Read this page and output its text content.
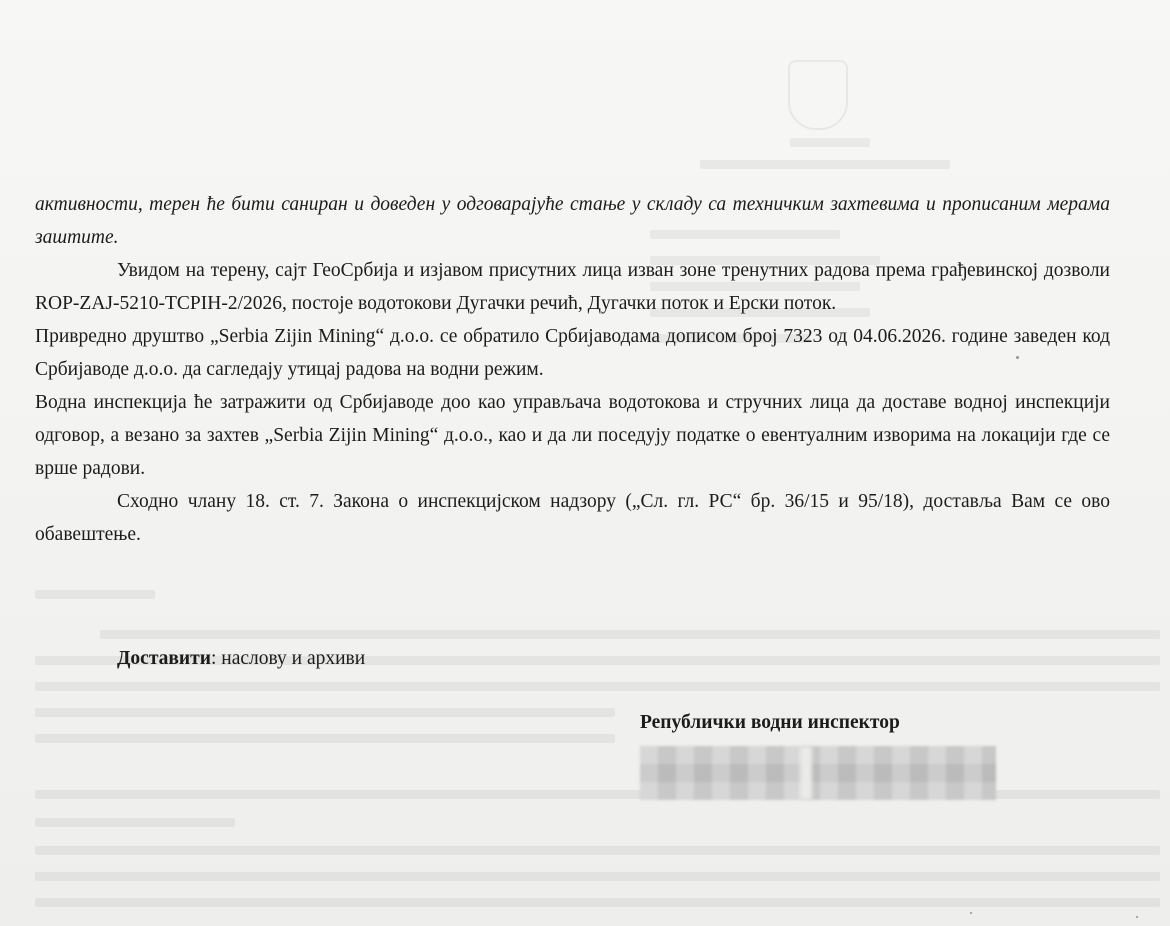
активности, терен ће бити саниран и доведен у одговарајуће стање у складу са техничким захтевима и прописаним мерама заштите.

Увидом на терену, сајт ГеоСрбија и изјавом присутних лица изван зоне тренутних радова према грађевинској дозволи ROP-ZAJ-5210-TCPIH-2/2026, постоје водотокови Дугачки речић, Дугачки поток и Ерски поток.

Привредно друштво „Serbia Zijin Mining“ д.о.о. се обратило Србијаводама дописом број 7323 од 04.06.2026. године заведен код Србијаводе д.о.о. да сагледају утицај радова на водни режим.

Водна инспекција ће затражити од Србијаводе доо као управљача водотокова и стручних лица да доставе водној инспекцији одговор, а везано за захтев „Serbia Zijin Mining“ д.о.о., као и да ли поседују податке о евентуалним изворима на локацији где се врше радови.

Сходно члану 18. ст. 7. Закона о инспекцијском надзору („Сл. гл. РС“ бр. 36/15 и 95/18), доставља Вам се ово обавештење.

Доставити: наслову и архиви
Републички водни инспектор
